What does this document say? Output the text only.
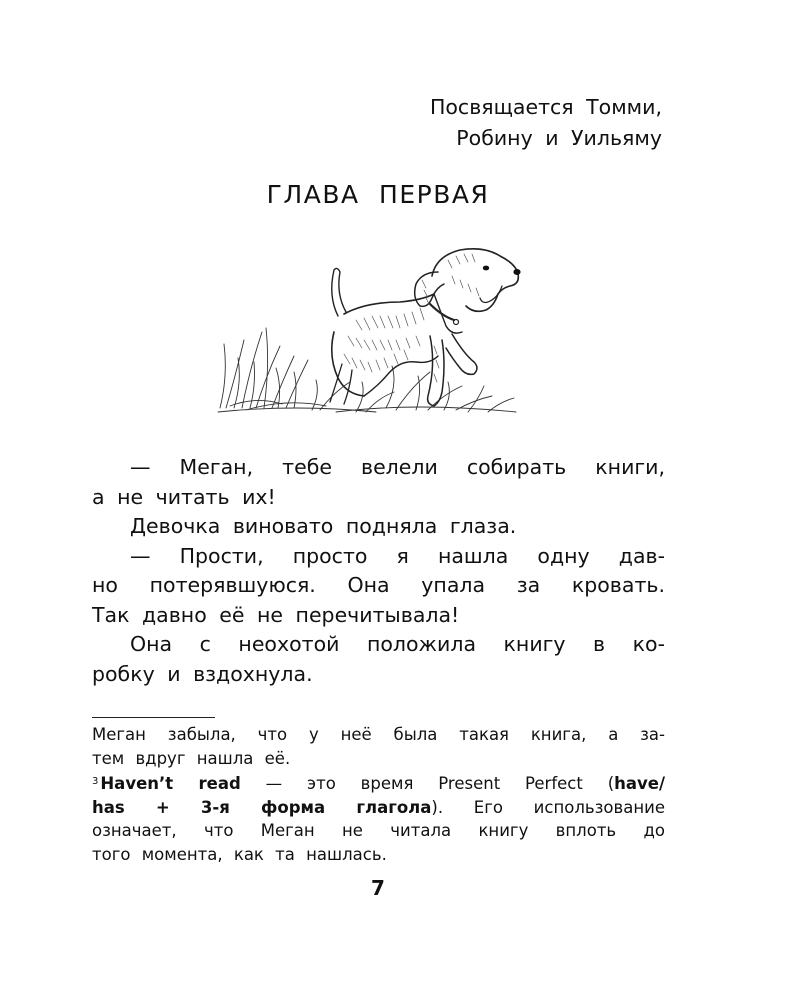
Посвящается Томми,
Робину и Уильяму
ГЛАВА ПЕРВАЯ
— Меган, тебе велели собирать книги,
а не читать их!
Девочка виновато подняла глаза.
— Прости, просто я нашла одну дав-
но потерявшуюся. Она упала за кровать.
Так давно её не перечитывала!
Она с неохотой положила книгу в ко-
робку и вздохнула.
Меган забыла, что у неё была такая книга, а за-
тем вдруг нашла её.
$^3$ Haven’t read — это время Present Perfect (have/
has + 3-я форма глагола). Его использование
означает, что Меган не читала книгу вплоть до
того момента, как та нашлась.
7
